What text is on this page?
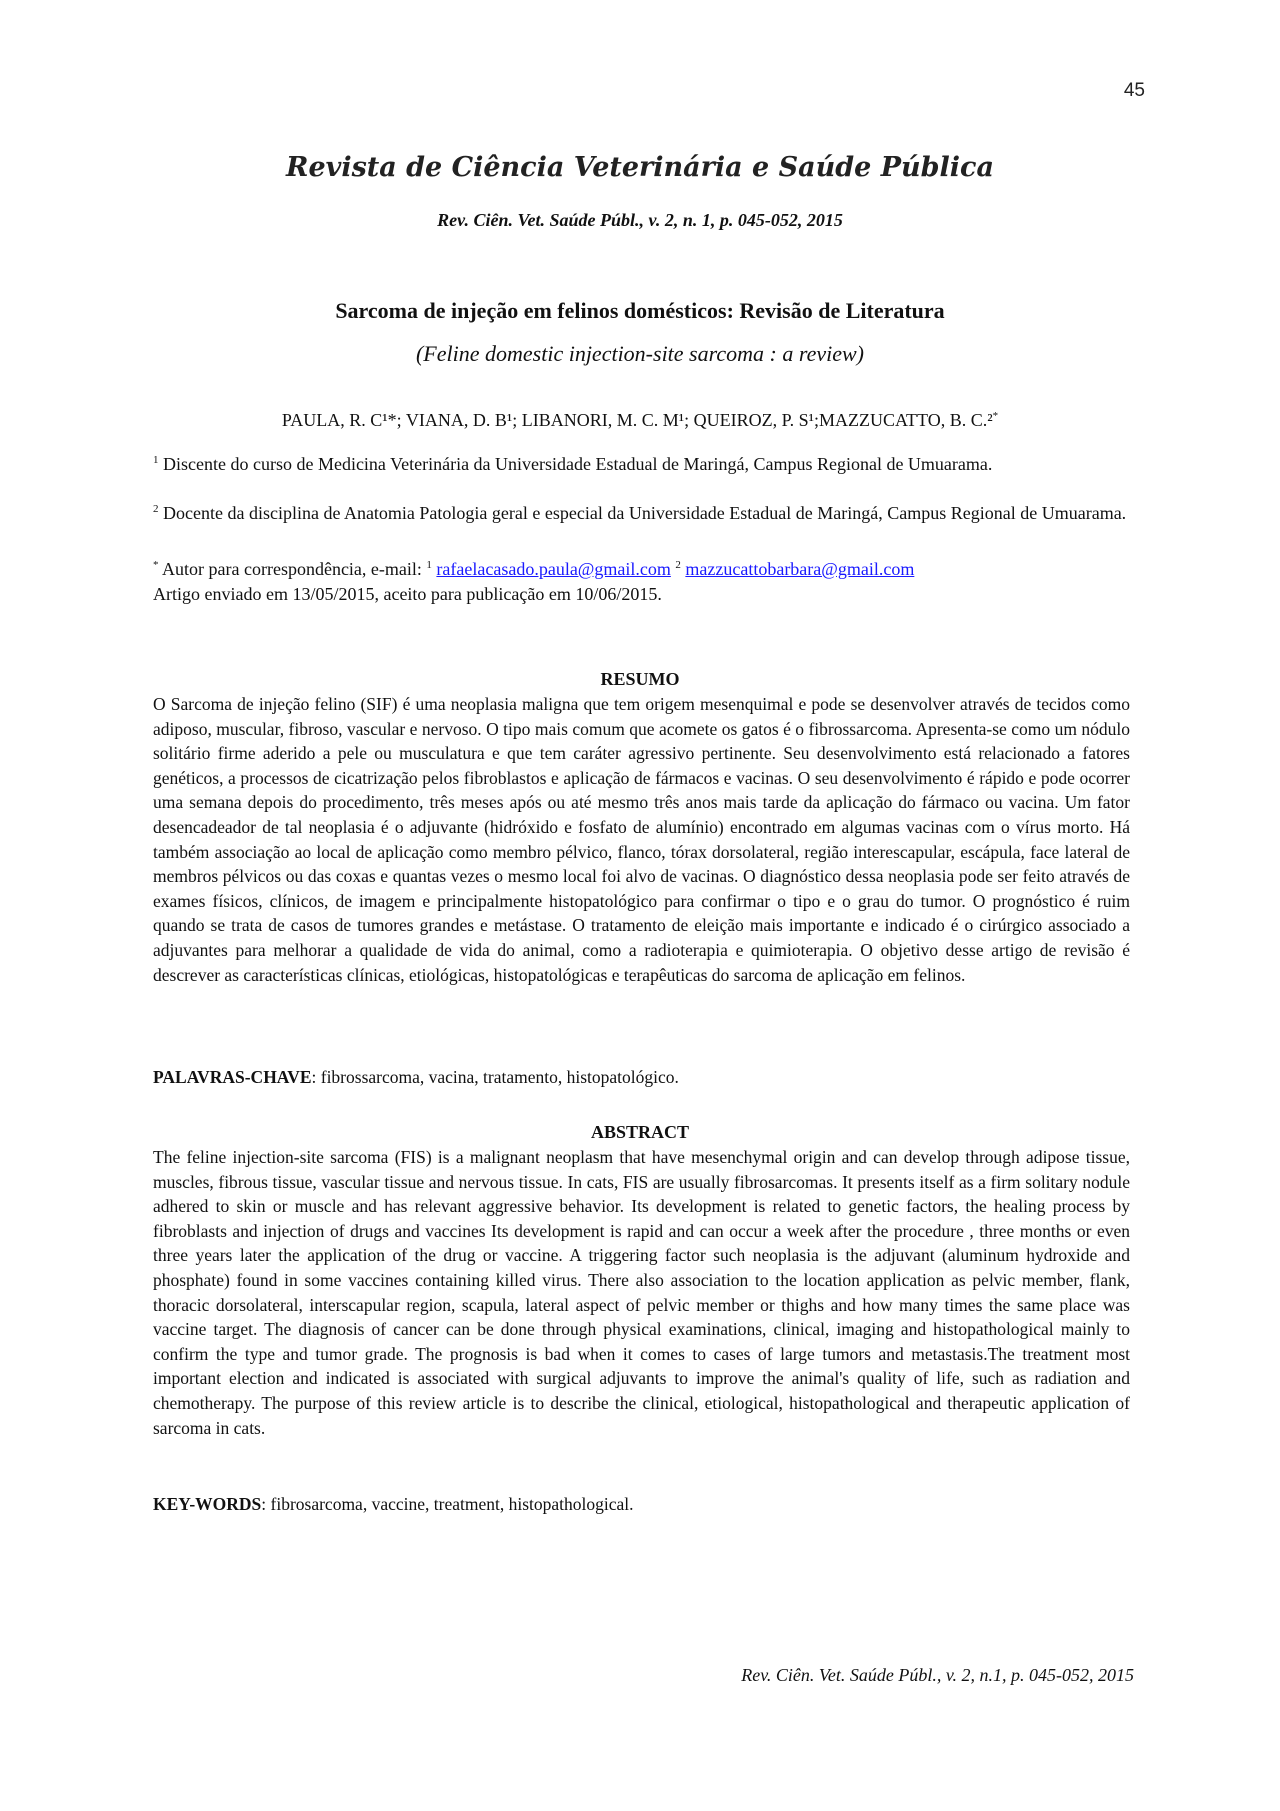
45
Revista de Ciência Veterinária e Saúde Pública
Rev. Ciên. Vet. Saúde Públ., v. 2, n. 1, p. 045-052, 2015
Sarcoma de injeção em felinos domésticos: Revisão de Literatura
(Feline domestic injection-site sarcoma : a review)
PAULA, R. C¹*; VIANA, D. B¹; LIBANORI, M. C. M¹; QUEIROZ, P. S¹;MAZZUCATTO, B. C.²*
$^1$ Discente do curso de Medicina Veterinária da Universidade Estadual de Maringá, Campus Regional de Umuarama.
$^2$ Docente da disciplina de Anatomia Patologia geral e especial da Universidade Estadual de Maringá, Campus Regional de Umuarama.
* Autor para correspondência, e-mail: $^1$ rafaelacasado.paula@gmail.com $^2$ mazzucattobarbara@gmail.com
Artigo enviado em 13/05/2015, aceito para publicação em 10/06/2015.
RESUMO
O Sarcoma de injeção felino (SIF) é uma neoplasia maligna que tem origem mesenquimal e pode se desenvolver através de tecidos como adiposo, muscular, fibroso, vascular e nervoso. O tipo mais comum que acomete os gatos é o fibrossarcoma. Apresenta-se como um nódulo solitário firme aderido a pele ou musculatura e que tem caráter agressivo pertinente. Seu desenvolvimento está relacionado a fatores genéticos, a processos de cicatrização pelos fibroblastos e aplicação de fármacos e vacinas. O seu desenvolvimento é rápido e pode ocorrer uma semana depois do procedimento, três meses após ou até mesmo três anos mais tarde da aplicação do fármaco ou vacina. Um fator desencadeador de tal neoplasia é o adjuvante (hidróxido e fosfato de alumínio) encontrado em algumas vacinas com o vírus morto. Há também associação ao local de aplicação como membro pélvico, flanco, tórax dorsolateral, região interescapular, escápula, face lateral de membros pélvicos ou das coxas e quantas vezes o mesmo local foi alvo de vacinas. O diagnóstico dessa neoplasia pode ser feito através de exames físicos, clínicos, de imagem e principalmente histopatológico para confirmar o tipo e o grau do tumor. O prognóstico é ruim quando se trata de casos de tumores grandes e metástase. O tratamento de eleição mais importante e indicado é o cirúrgico associado a adjuvantes para melhorar a qualidade de vida do animal, como a radioterapia e quimioterapia. O objetivo desse artigo de revisão é descrever as características clínicas, etiológicas, histopatológicas e terapêuticas do sarcoma de aplicação em felinos.
PALAVRAS-CHAVE: fibrossarcoma, vacina, tratamento, histopatológico.
ABSTRACT
The feline injection-site sarcoma (FIS) is a malignant neoplasm that have mesenchymal origin and can develop through adipose tissue, muscles, fibrous tissue, vascular tissue and nervous tissue. In cats, FIS are usually fibrosarcomas. It presents itself as a firm solitary nodule adhered to skin or muscle and has relevant aggressive behavior. Its development is related to genetic factors, the healing process by fibroblasts and injection of drugs and vaccines Its development is rapid and can occur a week after the procedure , three months or even three years later the application of the drug or vaccine. A triggering factor such neoplasia is the adjuvant (aluminum hydroxide and phosphate) found in some vaccines containing killed virus. There also association to the location application as pelvic member, flank, thoracic dorsolateral, interscapular region, scapula, lateral aspect of pelvic member or thighs and how many times the same place was vaccine target. The diagnosis of cancer can be done through physical examinations, clinical, imaging and histopathological mainly to confirm the type and tumor grade. The prognosis is bad when it comes to cases of large tumors and metastasis.The treatment most important election and indicated is associated with surgical adjuvants to improve the animal's quality of life, such as radiation and chemotherapy. The purpose of this review article is to describe the clinical, etiological, histopathological and therapeutic application of sarcoma in cats.
KEY-WORDS: fibrosarcoma, vaccine, treatment, histopathological.
Rev. Ciên. Vet. Saúde Públ., v. 2, n.1, p. 045-052, 2015
